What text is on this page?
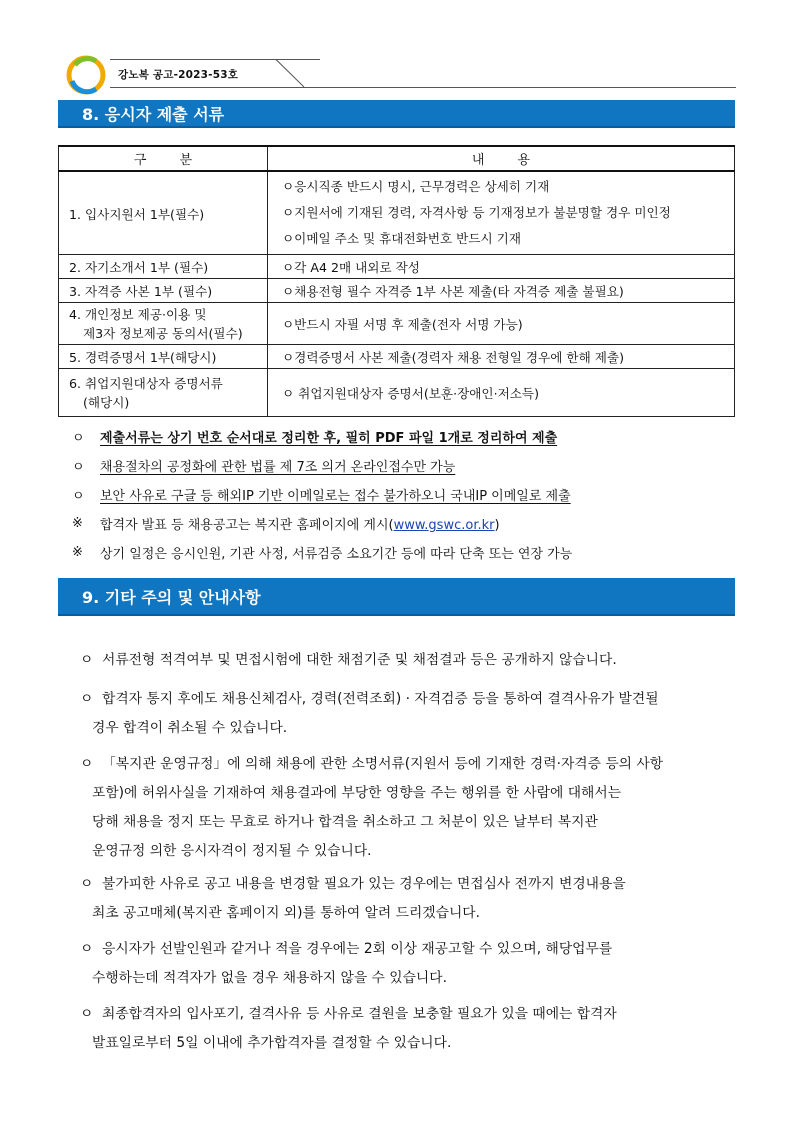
강노복 공고-2023-53호
8. 응시자 제출 서류
구        분	내        용
1. 입사지원서 1부(필수)	ㅇ응시직종 반드시 명시, 근무경력은 상세히 기재
ㅇ지원서에 기재된 경력, 자격사항 등 기재정보가 불분명할 경우 미인정
ㅇ이메일 주소 및 휴대전화번호 반드시 기재

2. 자기소개서 1부 (필수)	ㅇ각 A4 2매 내외로 작성
3. 자격증 사본 1부 (필수)	ㅇ채용전형 필수 자격증 1부 사본 제출(타 자격증 제출 불필요)

4. 개인정보 제공·이용 및
제3자 정보제공 동의서(필수)	ㅇ반드시 자필 서명 후 제출(전자 서명 가능)
5. 경력증명서 1부(해당시)	ㅇ경력증명서 사본 제출(경력자 채용 전형일 경우에 한해 제출)

6. 취업지원대상자 증명서류
(해당시)	ㅇ 취업지원대상자 증명서(보훈·장애인·저소득)
ㅇ	제출서류는 상기 번호 순서대로 정리한 후, 필히 PDF 파일 1개로 정리하여 제출
ㅇ	채용절차의 공정화에 관한 법률 제 7조 의거 온라인접수만 가능
ㅇ	보안 사유로 구글 등 해외IP 기반 이메일로는 접수 불가하오니 국내IP 이메일로 제출
※	합격자 발표 등 채용공고는 복지관 홈페이지에 게시(www.gswc.or.kr)
※	상기 일정은 응시인원, 기관 사정, 서류검증 소요기간 등에 따라 단축 또는 연장 가능
9. 기타 주의 및 안내사항
ㅇ 서류전형 적격여부 및 면접시험에 대한 채점기준 및 채점결과 등은 공개하지 않습니다.
ㅇ 합격자 통지 후에도 채용신체검사, 경력(전력조회) · 자격검증 등을 통하여 결격사유가 발견될
경우 합격이 취소될 수 있습니다.
ㅇ 「복지관 운영규정」에 의해 채용에 관한 소명서류(지원서 등에 기재한 경력·자격증 등의 사항
포함)에 허위사실을 기재하여 채용결과에 부당한 영향을 주는 행위를 한 사람에 대해서는
당해 채용을 정지 또는 무효로 하거나 합격을 취소하고 그 처분이 있은 날부터 복지관
운영규정 의한 응시자격이 정지될 수 있습니다.
ㅇ 불가피한 사유로 공고 내용을 변경할 필요가 있는 경우에는 면접심사 전까지 변경내용을
최초 공고매체(복지관 홈페이지 외)를 통하여 알려 드리겠습니다.
ㅇ 응시자가 선발인원과 같거나 적을 경우에는 2회 이상 재공고할 수 있으며, 해당업무를
수행하는데 적격자가 없을 경우 채용하지 않을 수 있습니다.
ㅇ 최종합격자의 입사포기, 결격사유 등 사유로 결원을 보충할 필요가 있을 때에는 합격자
발표일로부터 5일 이내에 추가합격자를 결정할 수 있습니다.
